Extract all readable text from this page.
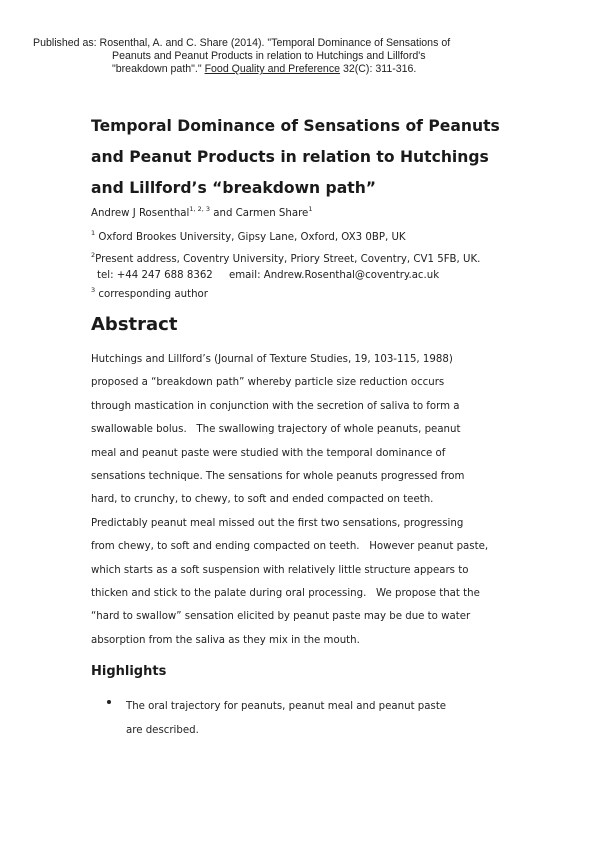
Published as: Rosenthal, A. and C. Share (2014). "Temporal Dominance of Sensations of
Peanuts and Peanut Products in relation to Hutchings and Lillford's
"breakdown path"." Food Quality and Preference 32(C): 311-316.
Temporal Dominance of Sensations of Peanuts
and Peanut Products in relation to Hutchings
and Lillford’s “breakdown path”
Andrew J Rosenthal$^{1, 2, 3}$ and Carmen Share$^1$
$^1$ Oxford Brookes University, Gipsy Lane, Oxford, OX3 0BP, UK
$^2$Present address, Coventry University, Priory Street, Coventry, CV1 5FB, UK.
tel: +44 247 688 8362     email: Andrew.Rosenthal@coventry.ac.uk
$^3$ corresponding author
Abstract
Hutchings and Lillford’s (Journal of Texture Studies, 19, 103-115, 1988)
proposed a “breakdown path” whereby particle size reduction occurs
through mastication in conjunction with the secretion of saliva to form a
swallowable bolus.   The swallowing trajectory of whole peanuts, peanut
meal and peanut paste were studied with the temporal dominance of
sensations technique. The sensations for whole peanuts progressed from
hard, to crunchy, to chewy, to soft and ended compacted on teeth.
Predictably peanut meal missed out the first two sensations, progressing
from chewy, to soft and ending compacted on teeth.   However peanut paste,
which starts as a soft suspension with relatively little structure appears to
thicken and stick to the palate during oral processing.   We propose that the
“hard to swallow” sensation elicited by peanut paste may be due to water
absorption from the saliva as they mix in the mouth.
Highlights
The oral trajectory for peanuts, peanut meal and peanut paste
are described.
